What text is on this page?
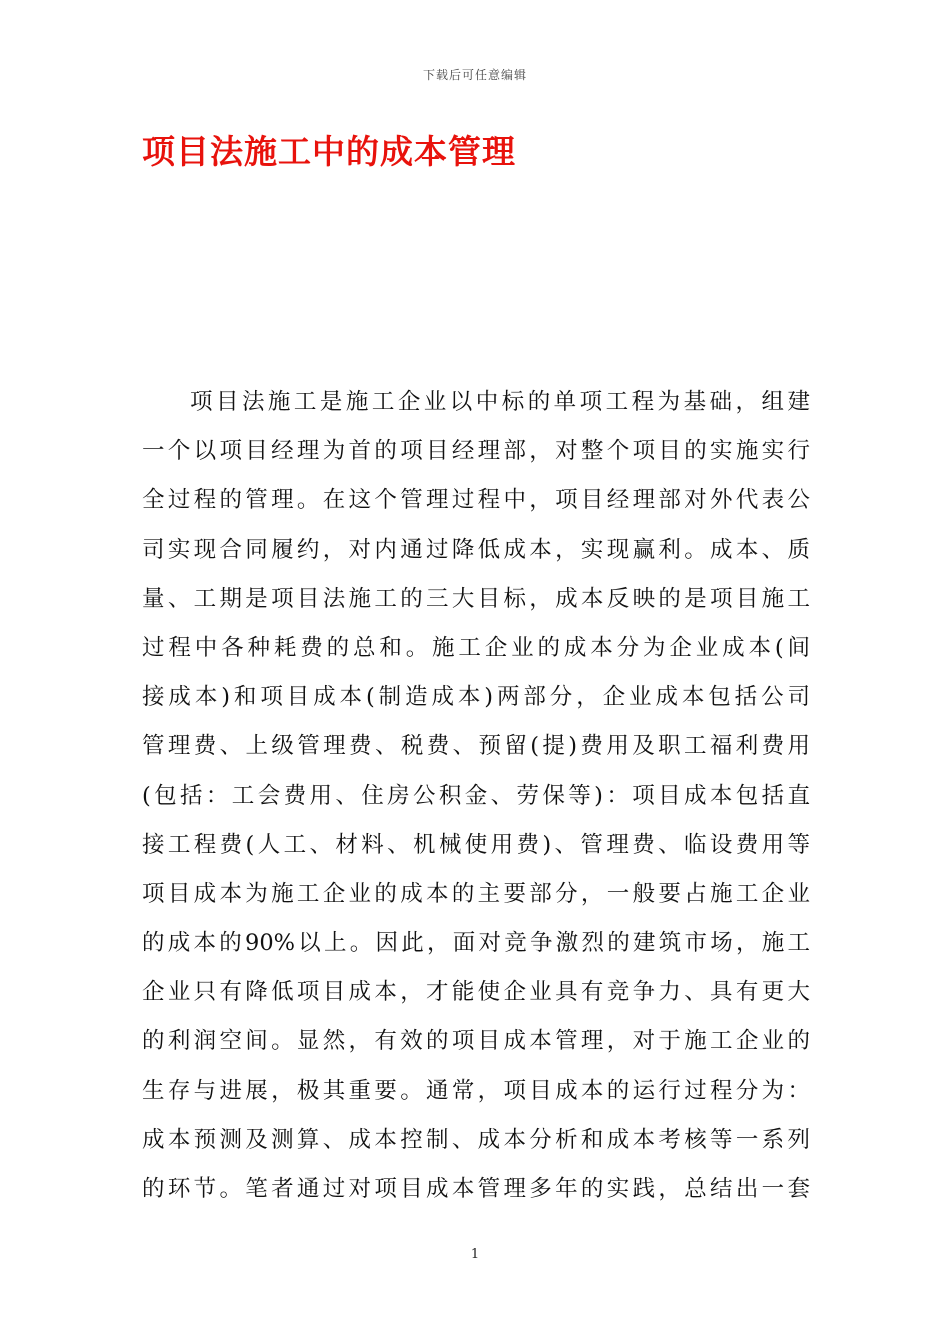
下载后可任意编辑
项目法施工中的成本管理
项目法施工是施工企业以中标的单项工程为基础，组建
一个以项目经理为首的项目经理部，对整个项目的实施实行
全过程的管理。在这个管理过程中，项目经理部对外代表公
司实现合同履约，对内通过降低成本，实现赢利。成本、质
量、工期是项目法施工的三大目标，成本反映的是项目施工
过程中各种耗费的总和。施工企业的成本分为企业成本(间
接成本)和项目成本(制造成本)两部分，企业成本包括公司
管理费、上级管理费、税费、预留(提)费用及职工福利费用
(包括：工会费用、住房公积金、劳保等)：项目成本包括直
接工程费(人工、材料、机械使用费)、管理费、临设费用等
项目成本为施工企业的成本的主要部分，一般要占施工企业
的成本的90%以上。因此，面对竞争激烈的建筑市场，施工
企业只有降低项目成本，才能使企业具有竞争力、具有更大
的利润空间。显然，有效的项目成本管理，对于施工企业的
生存与进展，极其重要。通常，项目成本的运行过程分为：
成本预测及测算、成本控制、成本分析和成本考核等一系列
的环节。笔者通过对项目成本管理多年的实践，总结出一套
1
